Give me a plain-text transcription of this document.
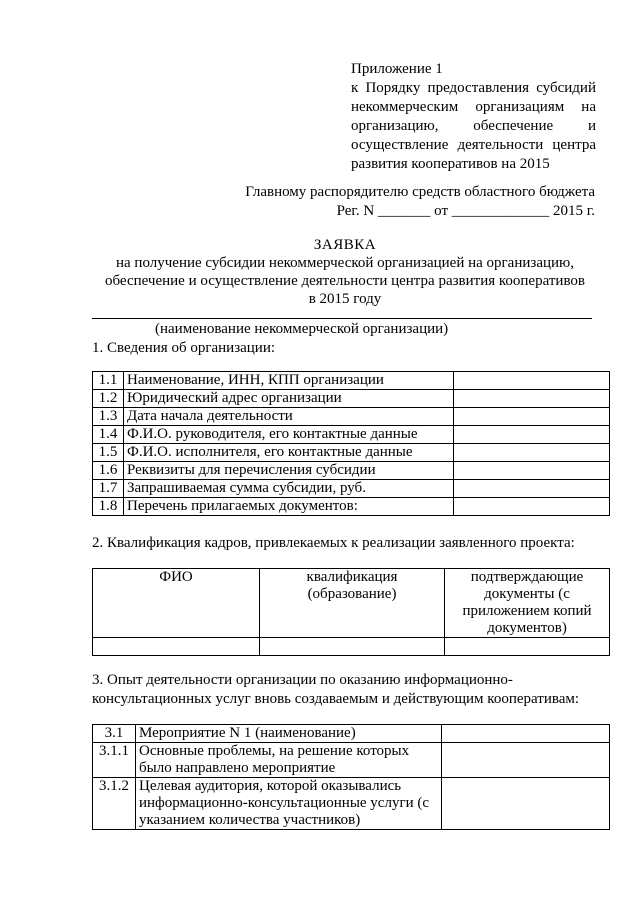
Приложение 1
к Порядку предоставления субсидий
некоммерческим организациям на
организацию, обеспечение и
осуществление деятельности центра
развития кооперативов на 2015
Главному распорядителю средств областного бюджета
Рег. N _______ от _____________ 2015 г.
ЗАЯВКА
на получение субсидии некоммерческой организацией на организацию,
обеспечение и осуществление деятельности центра развития кооперативов
в 2015 году
(наименование некоммерческой организации)
1. Сведения об организации:
1.1	Наименование, ИНН, КПП организации	
1.2	Юридический адрес организации	
1.3	Дата начала деятельности	
1.4	Ф.И.О. руководителя, его контактные данные	
1.5	Ф.И.О. исполнителя, его контактные данные	
1.6	Реквизиты для перечисления субсидии	
1.7	Запрашиваемая сумма субсидии, руб.	
1.8	Перечень прилагаемых документов:	
2. Квалификация кадров, привлекаемых к реализации заявленного проекта:
ФИО	квалификация (образование)	подтверждающие документы (с приложением копий документов)

3. Опыт деятельности организации по оказанию информационно-
консультационных услуг вновь создаваемым и действующим кооперативам:
3.1	Мероприятие N 1 (наименование)	
3.1.1	Основные проблемы, на решение которых было направлено мероприятие	
3.1.2	Целевая аудитория, которой оказывались информационно-консультационные услуги (с указанием количества участников)	
